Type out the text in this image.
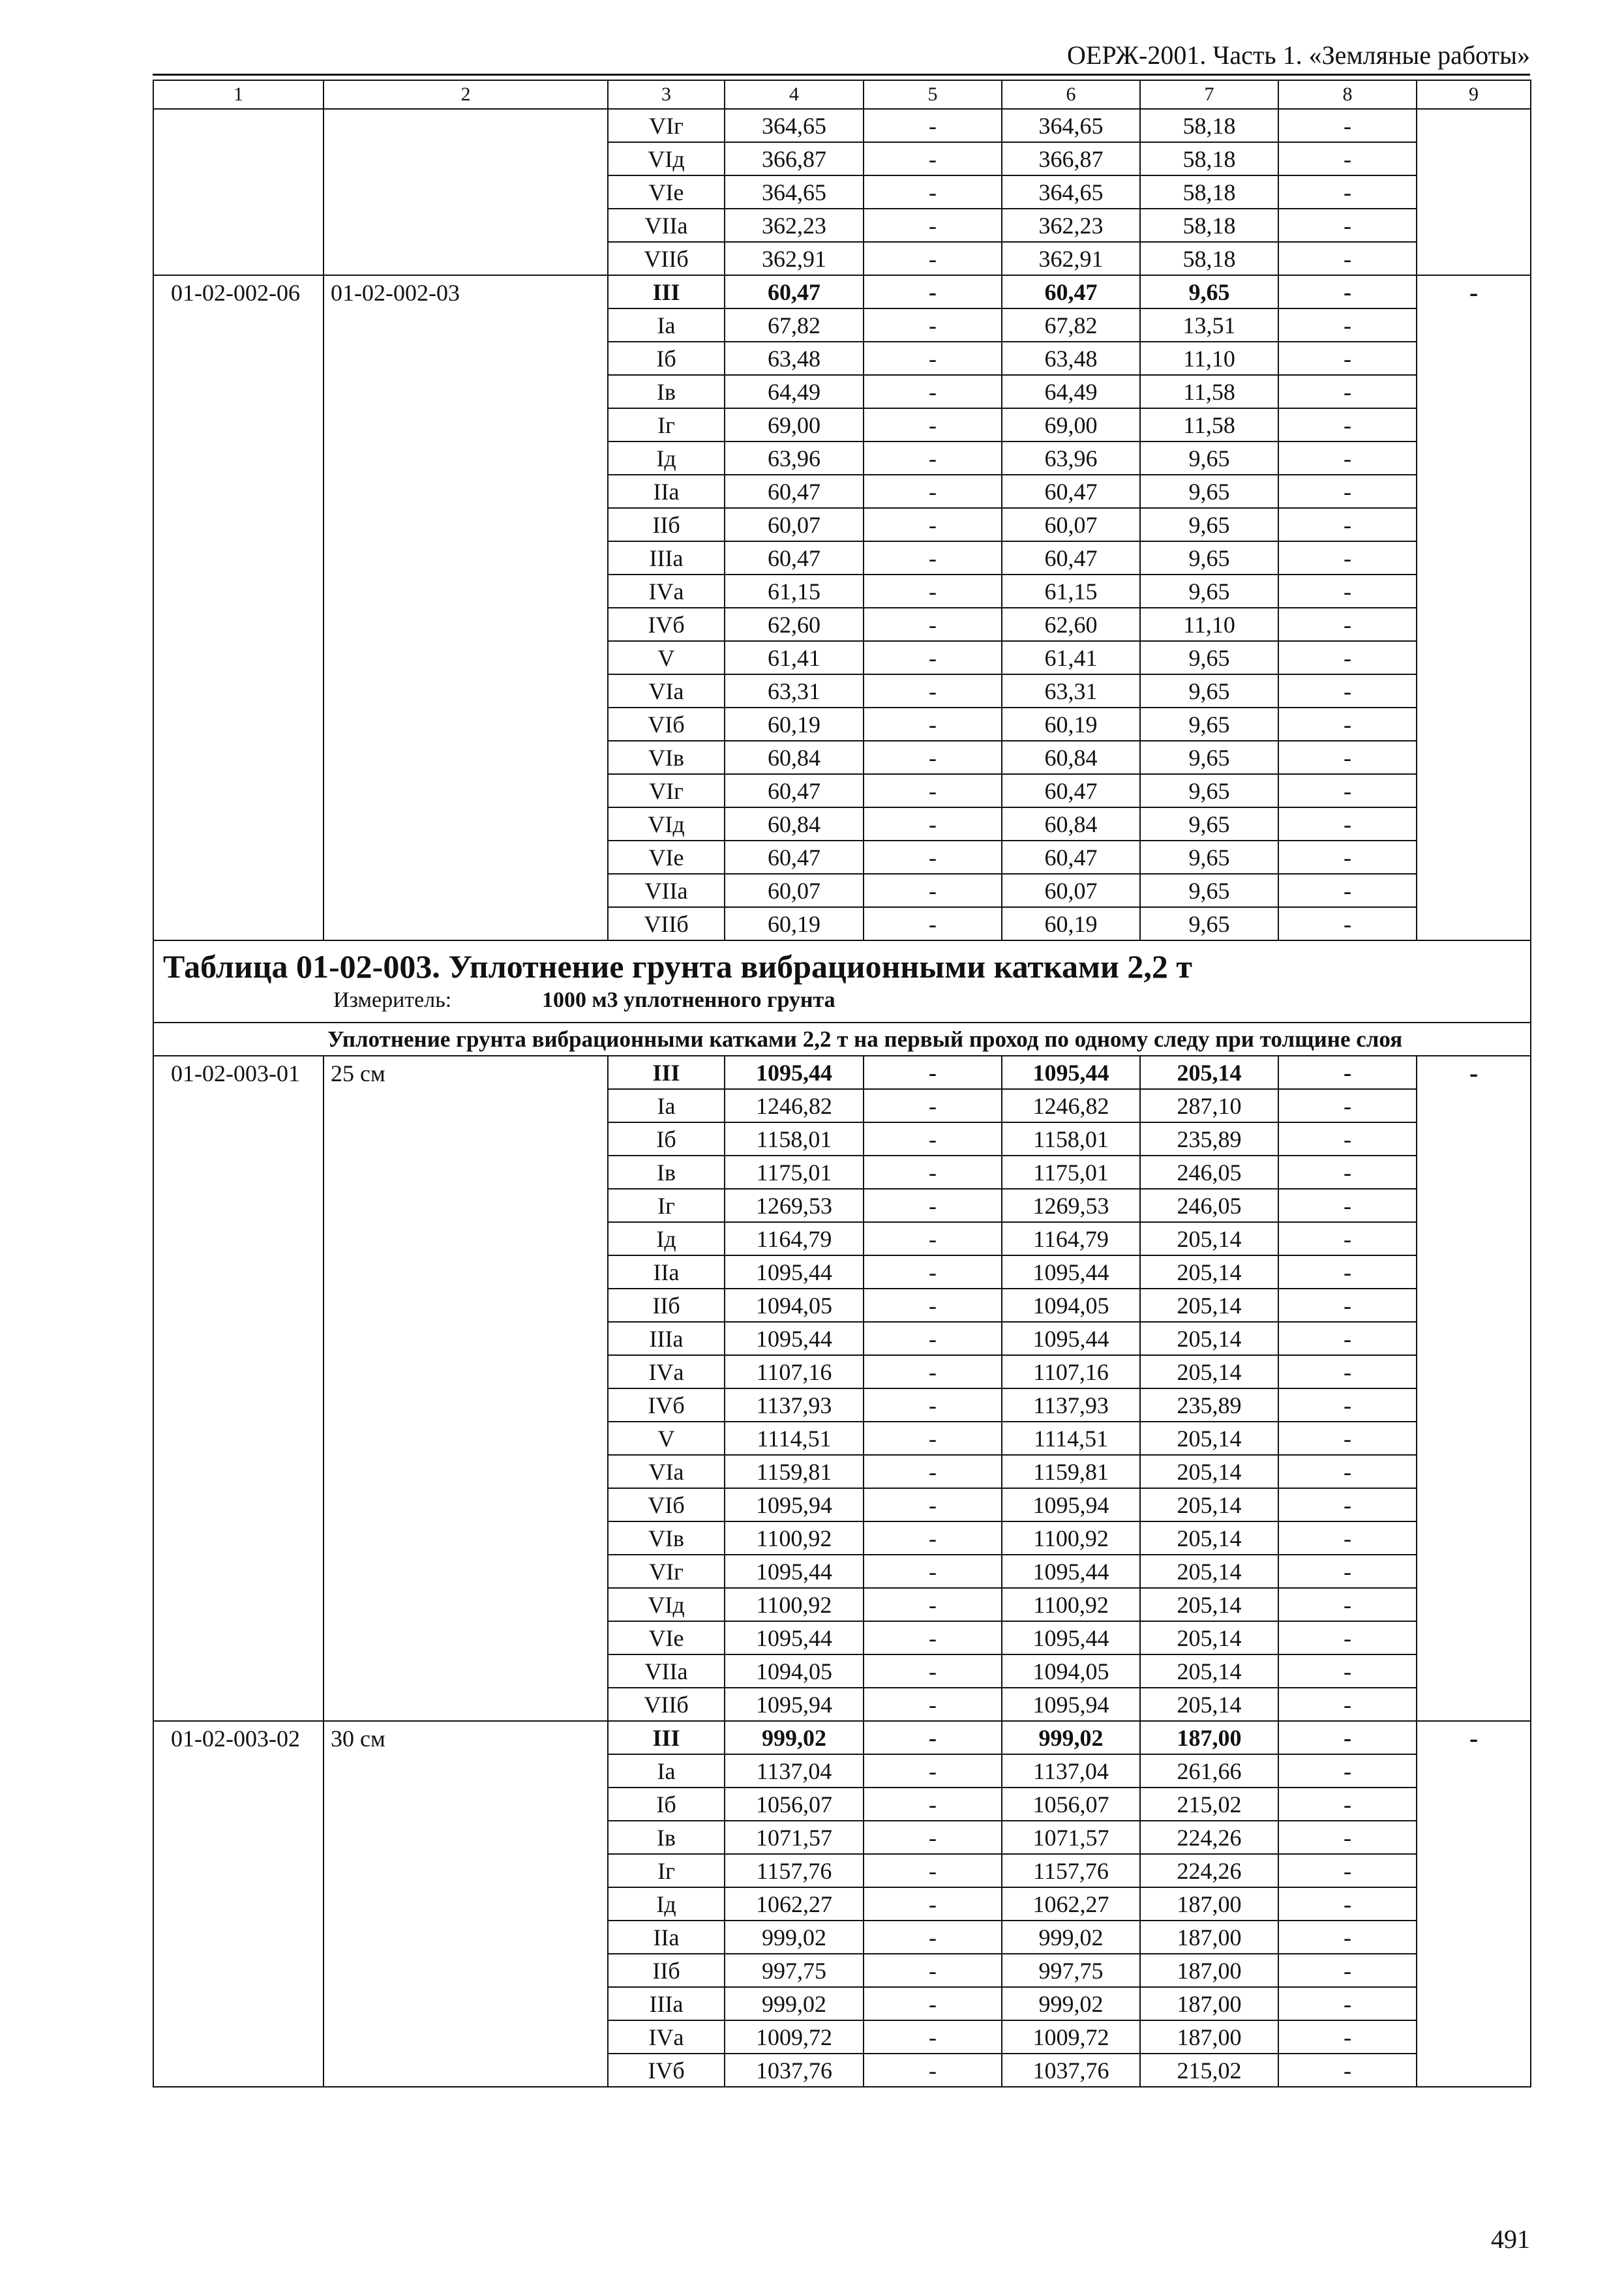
ОЕРЖ-2001. Часть 1. «Земляные работы»
1	2	3	4	5	6	7	8	9
		VIг	364,65	-	364,65	58,18	-	
		VIд	366,87	-	366,87	58,18	-	
		VIе	364,65	-	364,65	58,18	-	
		VIIа	362,23	-	362,23	58,18	-	
		VIIб	362,91	-	362,91	58,18	-	
01-02-002-06	01-02-002-03	III	60,47	-	60,47	9,65	-	-
		Iа	67,82	-	67,82	13,51	-	
		Iб	63,48	-	63,48	11,10	-	
		Iв	64,49	-	64,49	11,58	-	
		Iг	69,00	-	69,00	11,58	-	
		Iд	63,96	-	63,96	9,65	-	
		IIа	60,47	-	60,47	9,65	-	
		IIб	60,07	-	60,07	9,65	-	
		IIIа	60,47	-	60,47	9,65	-	
		IVа	61,15	-	61,15	9,65	-	
		IVб	62,60	-	62,60	11,10	-	
		V	61,41	-	61,41	9,65	-	
		VIа	63,31	-	63,31	9,65	-	
		VIб	60,19	-	60,19	9,65	-	
		VIв	60,84	-	60,84	9,65	-	
		VIг	60,47	-	60,47	9,65	-	
		VIд	60,84	-	60,84	9,65	-	
		VIе	60,47	-	60,47	9,65	-	
		VIIа	60,07	-	60,07	9,65	-	
		VIIб	60,19	-	60,19	9,65	-	

Таблица 01-02-003. Уплотнение грунта вибрационными катками 2,2 т
Измеритель: 1000 м3 уплотненного грунта								

	Уплотнение грунта вибрационными катками 2,2 т на первый проход по одному следу при толщине слоя							
01-02-003-01	25 см	III	1095,44	-	1095,44	205,14	-	-
		Iа	1246,82	-	1246,82	287,10	-	
		Iб	1158,01	-	1158,01	235,89	-	
		Iв	1175,01	-	1175,01	246,05	-	
		Iг	1269,53	-	1269,53	246,05	-	
		Iд	1164,79	-	1164,79	205,14	-	
		IIа	1095,44	-	1095,44	205,14	-	
		IIб	1094,05	-	1094,05	205,14	-	
		IIIа	1095,44	-	1095,44	205,14	-	
		IVа	1107,16	-	1107,16	205,14	-	
		IVб	1137,93	-	1137,93	235,89	-	
		V	1114,51	-	1114,51	205,14	-	
		VIа	1159,81	-	1159,81	205,14	-	
		VIб	1095,94	-	1095,94	205,14	-	
		VIв	1100,92	-	1100,92	205,14	-	
		VIг	1095,44	-	1095,44	205,14	-	
		VIд	1100,92	-	1100,92	205,14	-	
		VIе	1095,44	-	1095,44	205,14	-	
		VIIа	1094,05	-	1094,05	205,14	-	
		VIIб	1095,94	-	1095,94	205,14	-	
01-02-003-02	30 см	III	999,02	-	999,02	187,00	-	-
		Iа	1137,04	-	1137,04	261,66	-	
		Iб	1056,07	-	1056,07	215,02	-	
		Iв	1071,57	-	1071,57	224,26	-	
		Iг	1157,76	-	1157,76	224,26	-	
		Iд	1062,27	-	1062,27	187,00	-	
		IIа	999,02	-	999,02	187,00	-	
		IIб	997,75	-	997,75	187,00	-	
		IIIа	999,02	-	999,02	187,00	-	
		IVа	1009,72	-	1009,72	187,00	-	
		IVб	1037,76	-	1037,76	215,02	-	
491
